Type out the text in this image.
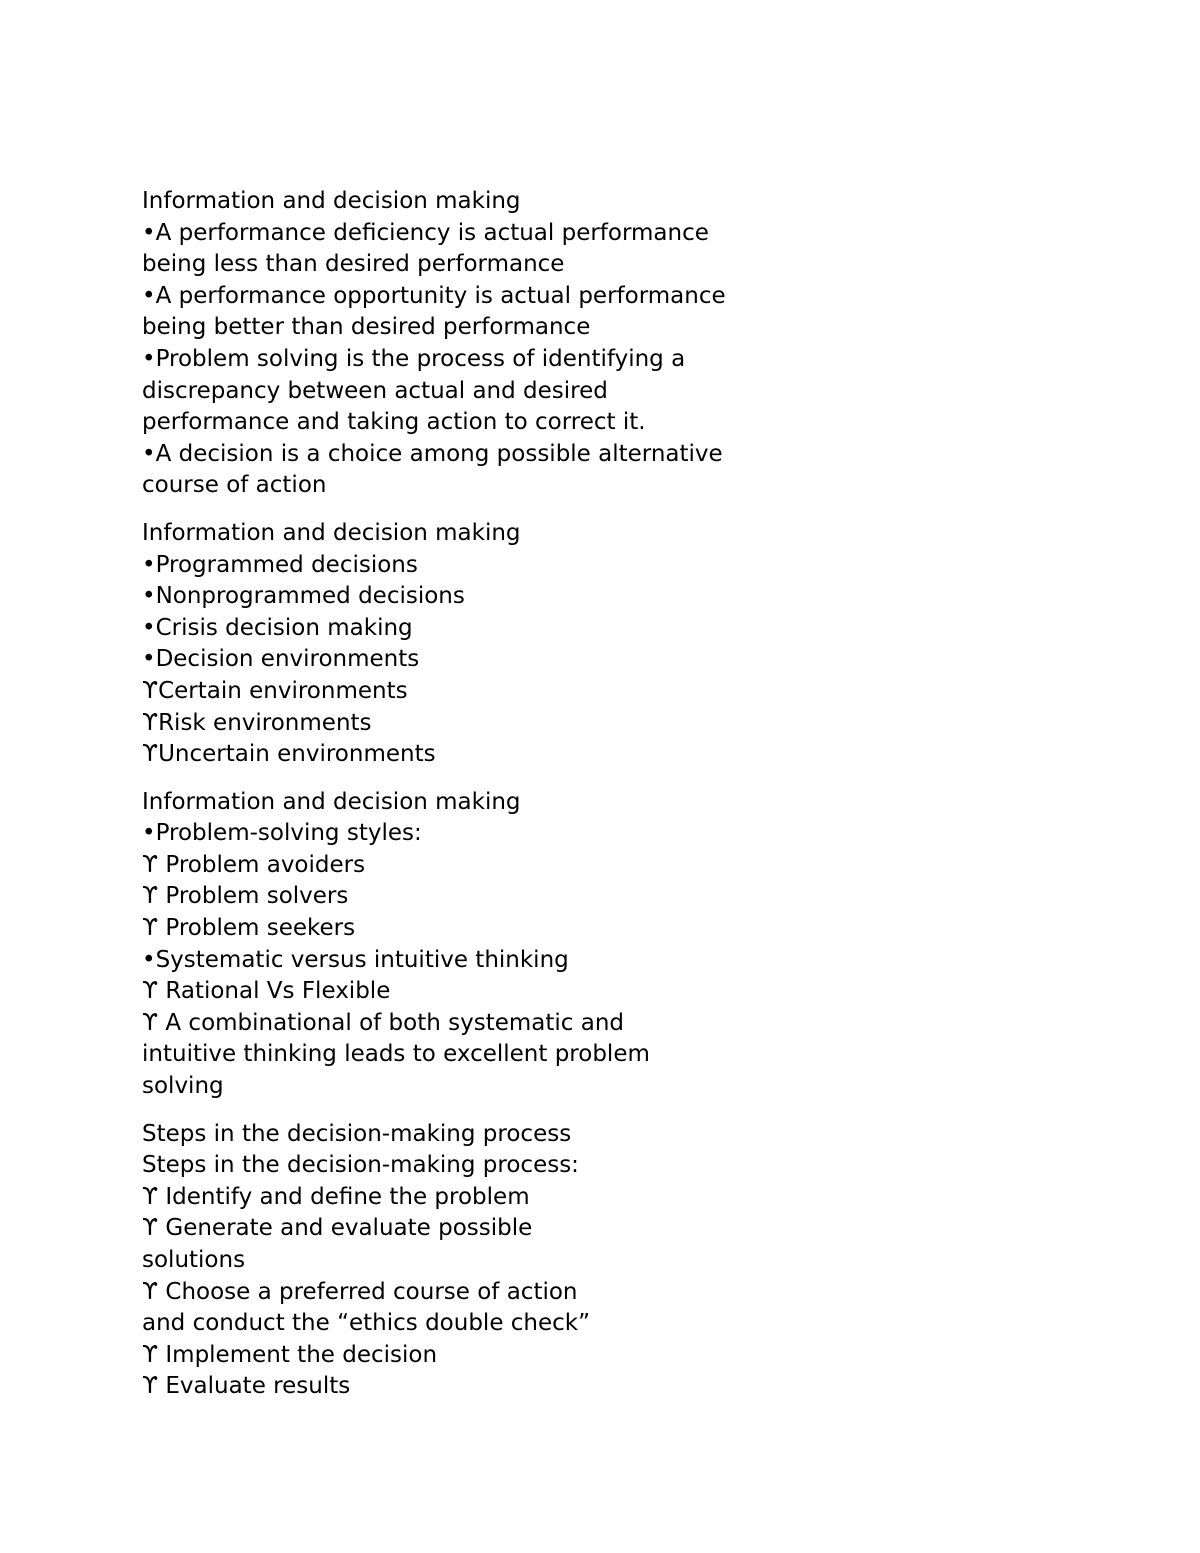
Information and decision making
•A performance deficiency is actual performance
being less than desired performance
•A performance opportunity is actual performance
being better than desired performance
•Problem solving is the process of identifying a
discrepancy between actual and desired
performance and taking action to correct it.
•A decision is a choice among possible alternative
course of action
Information and decision making
•Programmed decisions
•Nonprogrammed decisions
•Crisis decision making
•Decision environments
ϒCertain environments
ϒRisk environments
ϒUncertain environments
Information and decision making
•Problem-solving styles:
ϒ Problem avoiders
ϒ Problem solvers
ϒ Problem seekers
•Systematic versus intuitive thinking
ϒ Rational Vs Flexible
ϒ A combinational of both systematic and
intuitive thinking leads to excellent problem
solving
Steps in the decision-making process
Steps in the decision-making process:
ϒ Identify and define the problem
ϒ Generate and evaluate possible
solutions
ϒ Choose a preferred course of action
and conduct the “ethics double check”
ϒ Implement the decision
ϒ Evaluate results
